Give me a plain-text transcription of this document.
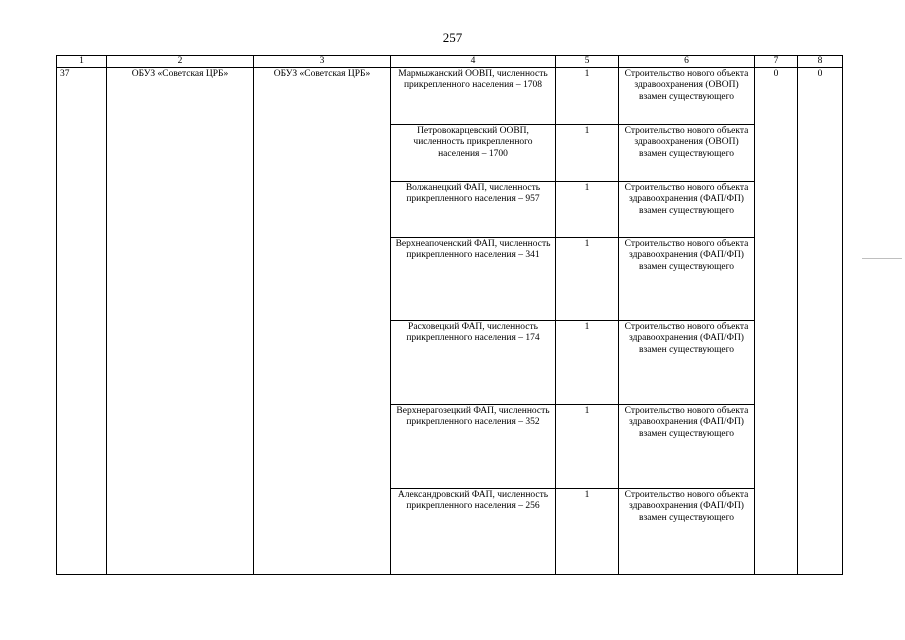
257
1	2	3	4	5	6	7	8
37	ОБУЗ «Советская ЦРБ»	ОБУЗ «Советская ЦРБ»	Мармыжанский ООВП, численность прикрепленного населения – 1708	1	Строительство нового объекта здравоохранения (ОВОП) взамен существующего	0	0
			Петровокарцевский ООВП, численность прикрепленного населения – 1700	1	Строительство нового объекта здравоохранения (ОВОП) взамен существующего		
			Волжанецкий ФАП, численность прикрепленного населения – 957	1	Строительство нового объекта здравоохранения (ФАП/ФП) взамен существующего		
			Верхнеапоченский ФАП, численность прикрепленного населения – 341	1	Строительство нового объекта здравоохранения (ФАП/ФП) взамен существующего		
			Расховецкий ФАП, численность прикрепленного населения – 174	1	Строительство нового объекта здравоохранения (ФАП/ФП) взамен существующего		
			Верхнерагозецкий ФАП, численность прикрепленного населения – 352	1	Строительство нового объекта здравоохранения (ФАП/ФП) взамен существующего		
			Александровский ФАП, численность прикрепленного населения – 256	1	Строительство нового объекта здравоохранения (ФАП/ФП) взамен существующего		
